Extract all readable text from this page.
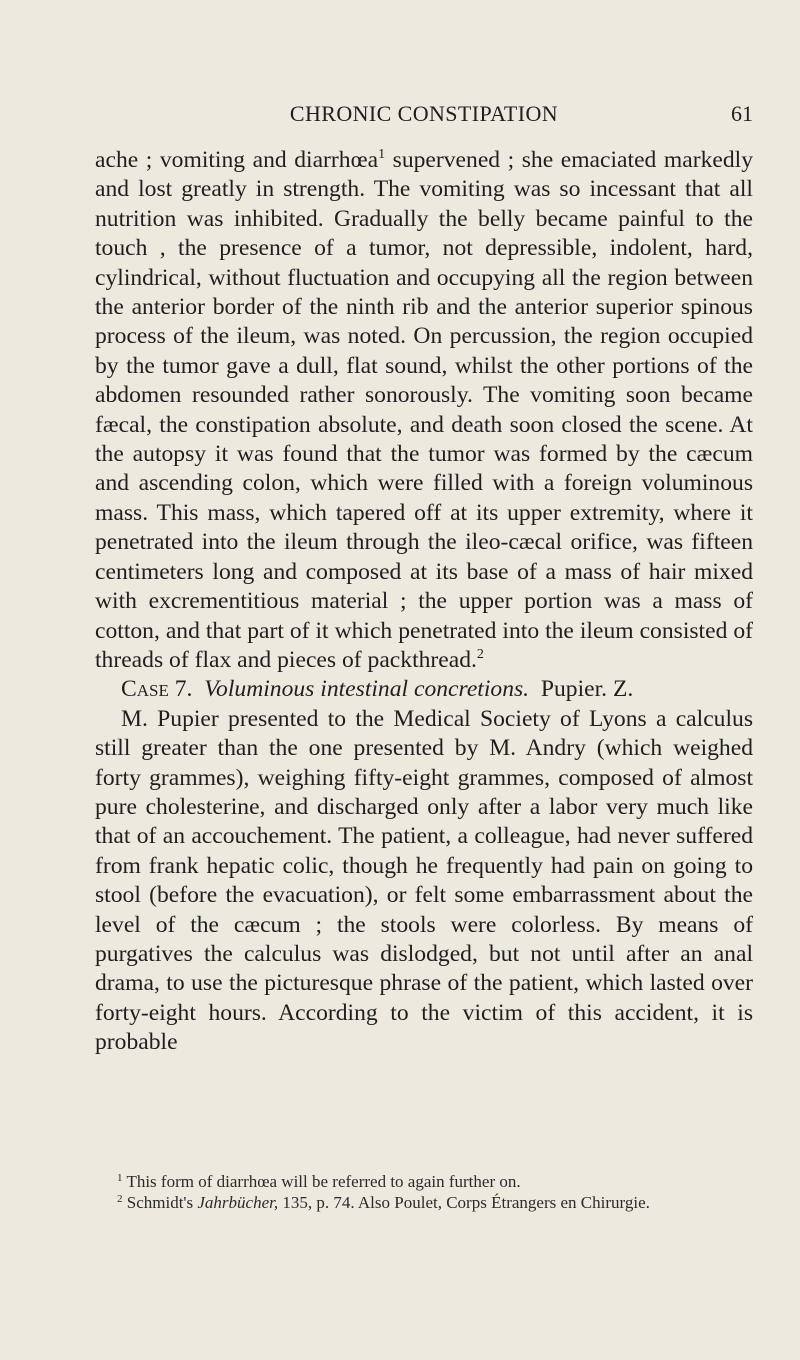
CHRONIC CONSTIPATION	61

ache ; vomiting and diarrhœa$^1$ supervened ; she emaciated markedly and lost greatly in strength. The vomiting was so incessant that all nutrition was inhibited. Gradually the belly became painful to the touch , the presence of a tumor, not depressible, indolent, hard, cylindrical, without fluctuation and occupying all the region between the anterior border of the ninth rib and the anterior superior spinous process of the ileum, was noted. On percussion, the region occupied by the tumor gave a dull, flat sound, whilst the other portions of the abdomen resounded rather sonorously. The vomiting soon became fæcal, the constipation absolute, and death soon closed the scene. At the autopsy it was found that the tumor was formed by the cæcum and ascending colon, which were filled with a foreign voluminous mass. This mass, which tapered off at its upper extremity, where it penetrated into the ileum through the ileo-cæcal orifice, was fifteen centimeters long and composed at its base of a mass of hair mixed with excrementitious material ; the upper portion was a mass of cotton, and that part of it which penetrated into the ileum consisted of threads of flax and pieces of packthread.$^2$

Case 7. Voluminous intestinal concretions. Pupier. Z.

M. Pupier presented to the Medical Society of Lyons a calculus still greater than the one presented by M. Andry (which weighed forty grammes), weighing fifty-eight grammes, composed of almost pure cholesterine, and discharged only after a labor very much like that of an accouchement. The patient, a colleague, had never suffered from frank hepatic colic, though he frequently had pain on going to stool (before the evacuation), or felt some embarrassment about the level of the cæcum ; the stools were colorless. By means of purgatives the calculus was dislodged, but not until after an anal drama, to use the picturesque phrase of the patient, which lasted over forty-eight hours. According to the victim of this accident, it is probable

$^1$ This form of diarrhœa will be referred to again further on.

$^2$ Schmidt's Jahrbücher, 135, p. 74. Also Poulet, Corps Étrangers en Chirurgie.
